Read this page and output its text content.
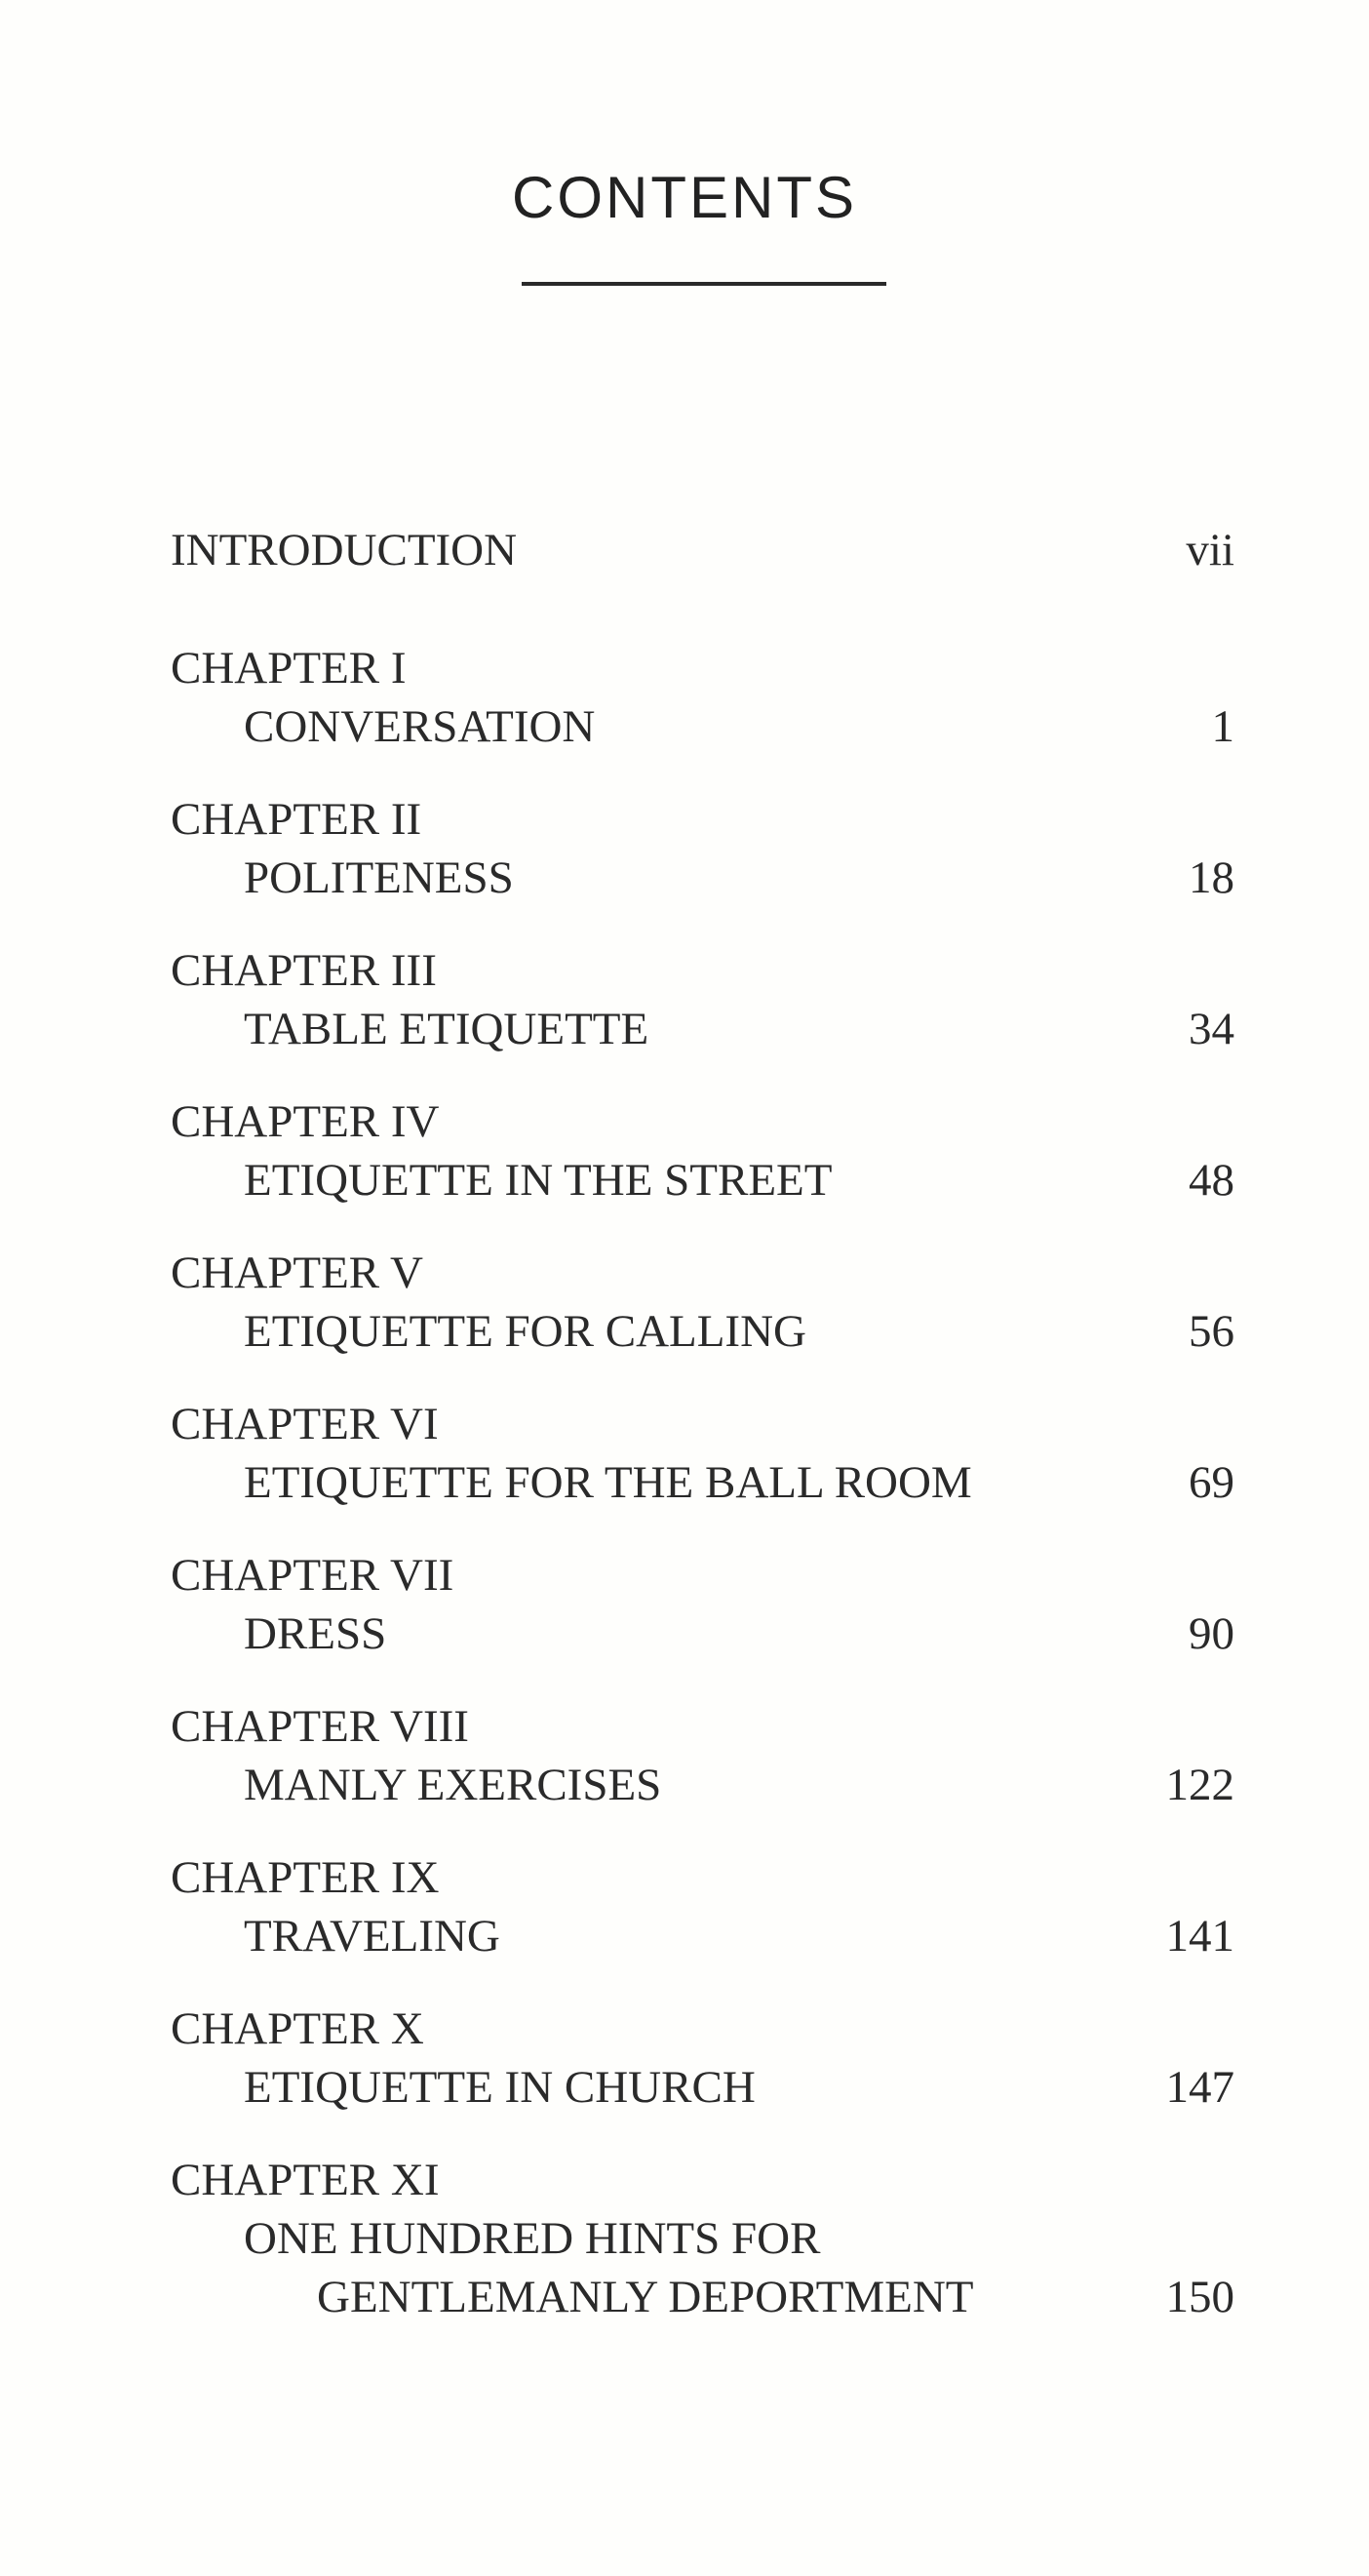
CONTENTS
INTRODUCTION	vii
CHAPTER I
CONVERSATION	1
CHAPTER II
POLITENESS	18
CHAPTER III
TABLE ETIQUETTE	34
CHAPTER IV
ETIQUETTE IN THE STREET	48
CHAPTER V
ETIQUETTE FOR CALLING	56
CHAPTER VI
ETIQUETTE FOR THE BALL ROOM	69
CHAPTER VII
DRESS	90
CHAPTER VIII
MANLY EXERCISES	122
CHAPTER IX
TRAVELING	141
CHAPTER X
ETIQUETTE IN CHURCH	147
CHAPTER XI
ONE HUNDRED HINTS FOR
GENTLEMANLY DEPORTMENT	150
